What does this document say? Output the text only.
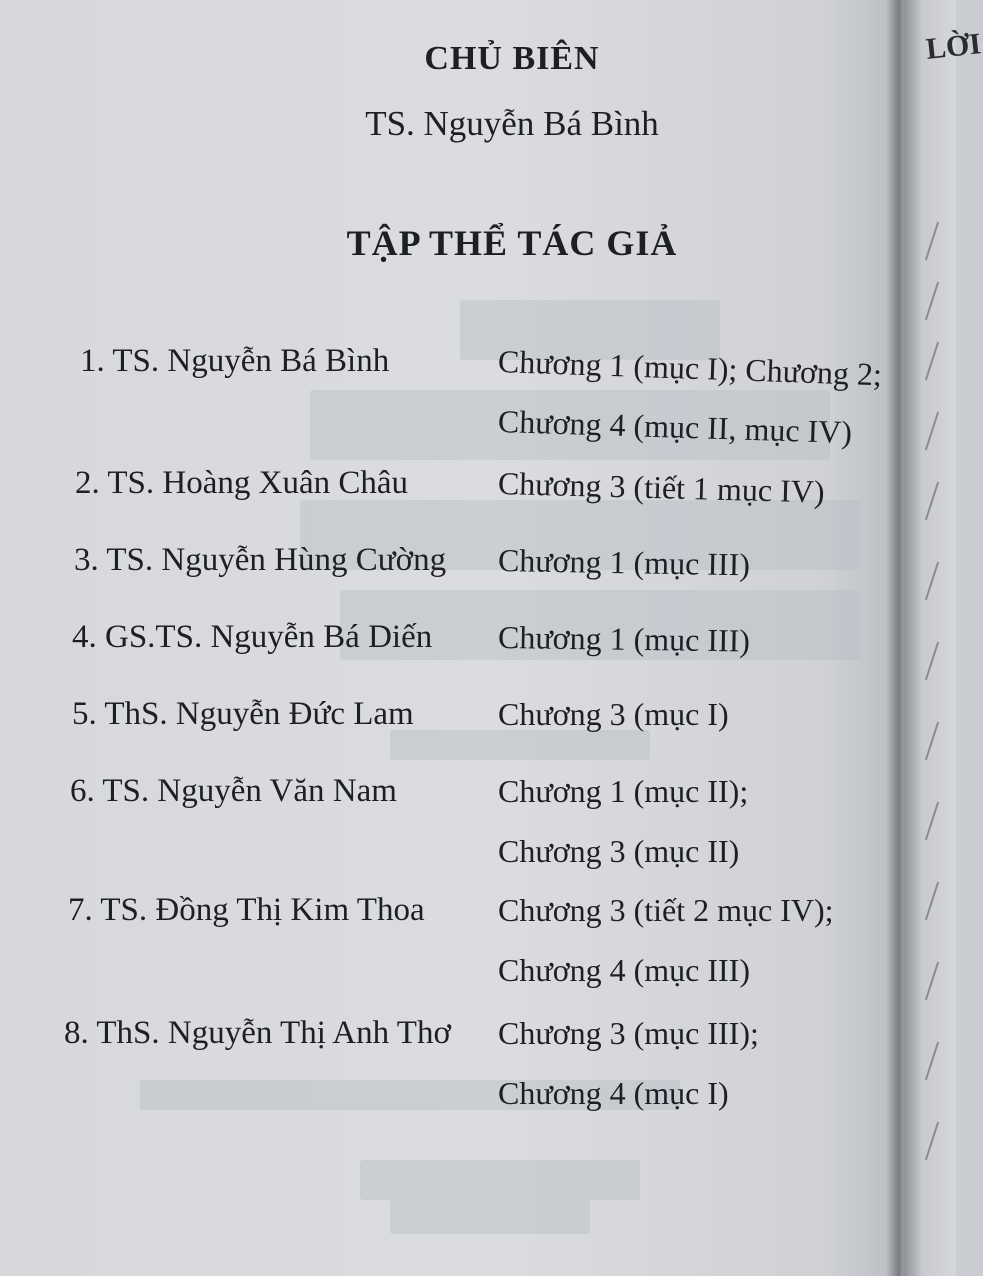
CHỦ BIÊN
TS. Nguyễn Bá Bình
TẬP THỂ TÁC GIẢ
1. TS. Nguyễn Bá Bình	Chương 1 (mục I); Chương 2;
Chương 4 (mục II, mục IV)
2. TS. Hoàng Xuân Châu	Chương 3 (tiết 1 mục IV)
3. TS. Nguyễn Hùng Cường Chương 1 (mục III)
4. GS.TS. Nguyễn Bá Diến Chương 1 (mục III)
5. ThS. Nguyễn Đức Lam	Chương 3 (mục I)
6. TS. Nguyễn Văn Nam	Chương 1 (mục II);
Chương 3 (mục II)
7. TS. Đồng Thị Kim Thoa Chương 3 (tiết 2 mục IV);
Chương 4 (mục III)
8. ThS. Nguyễn Thị Anh Thơ Chương 3 (mục III);
Chương 4 (mục I)
LỜI
